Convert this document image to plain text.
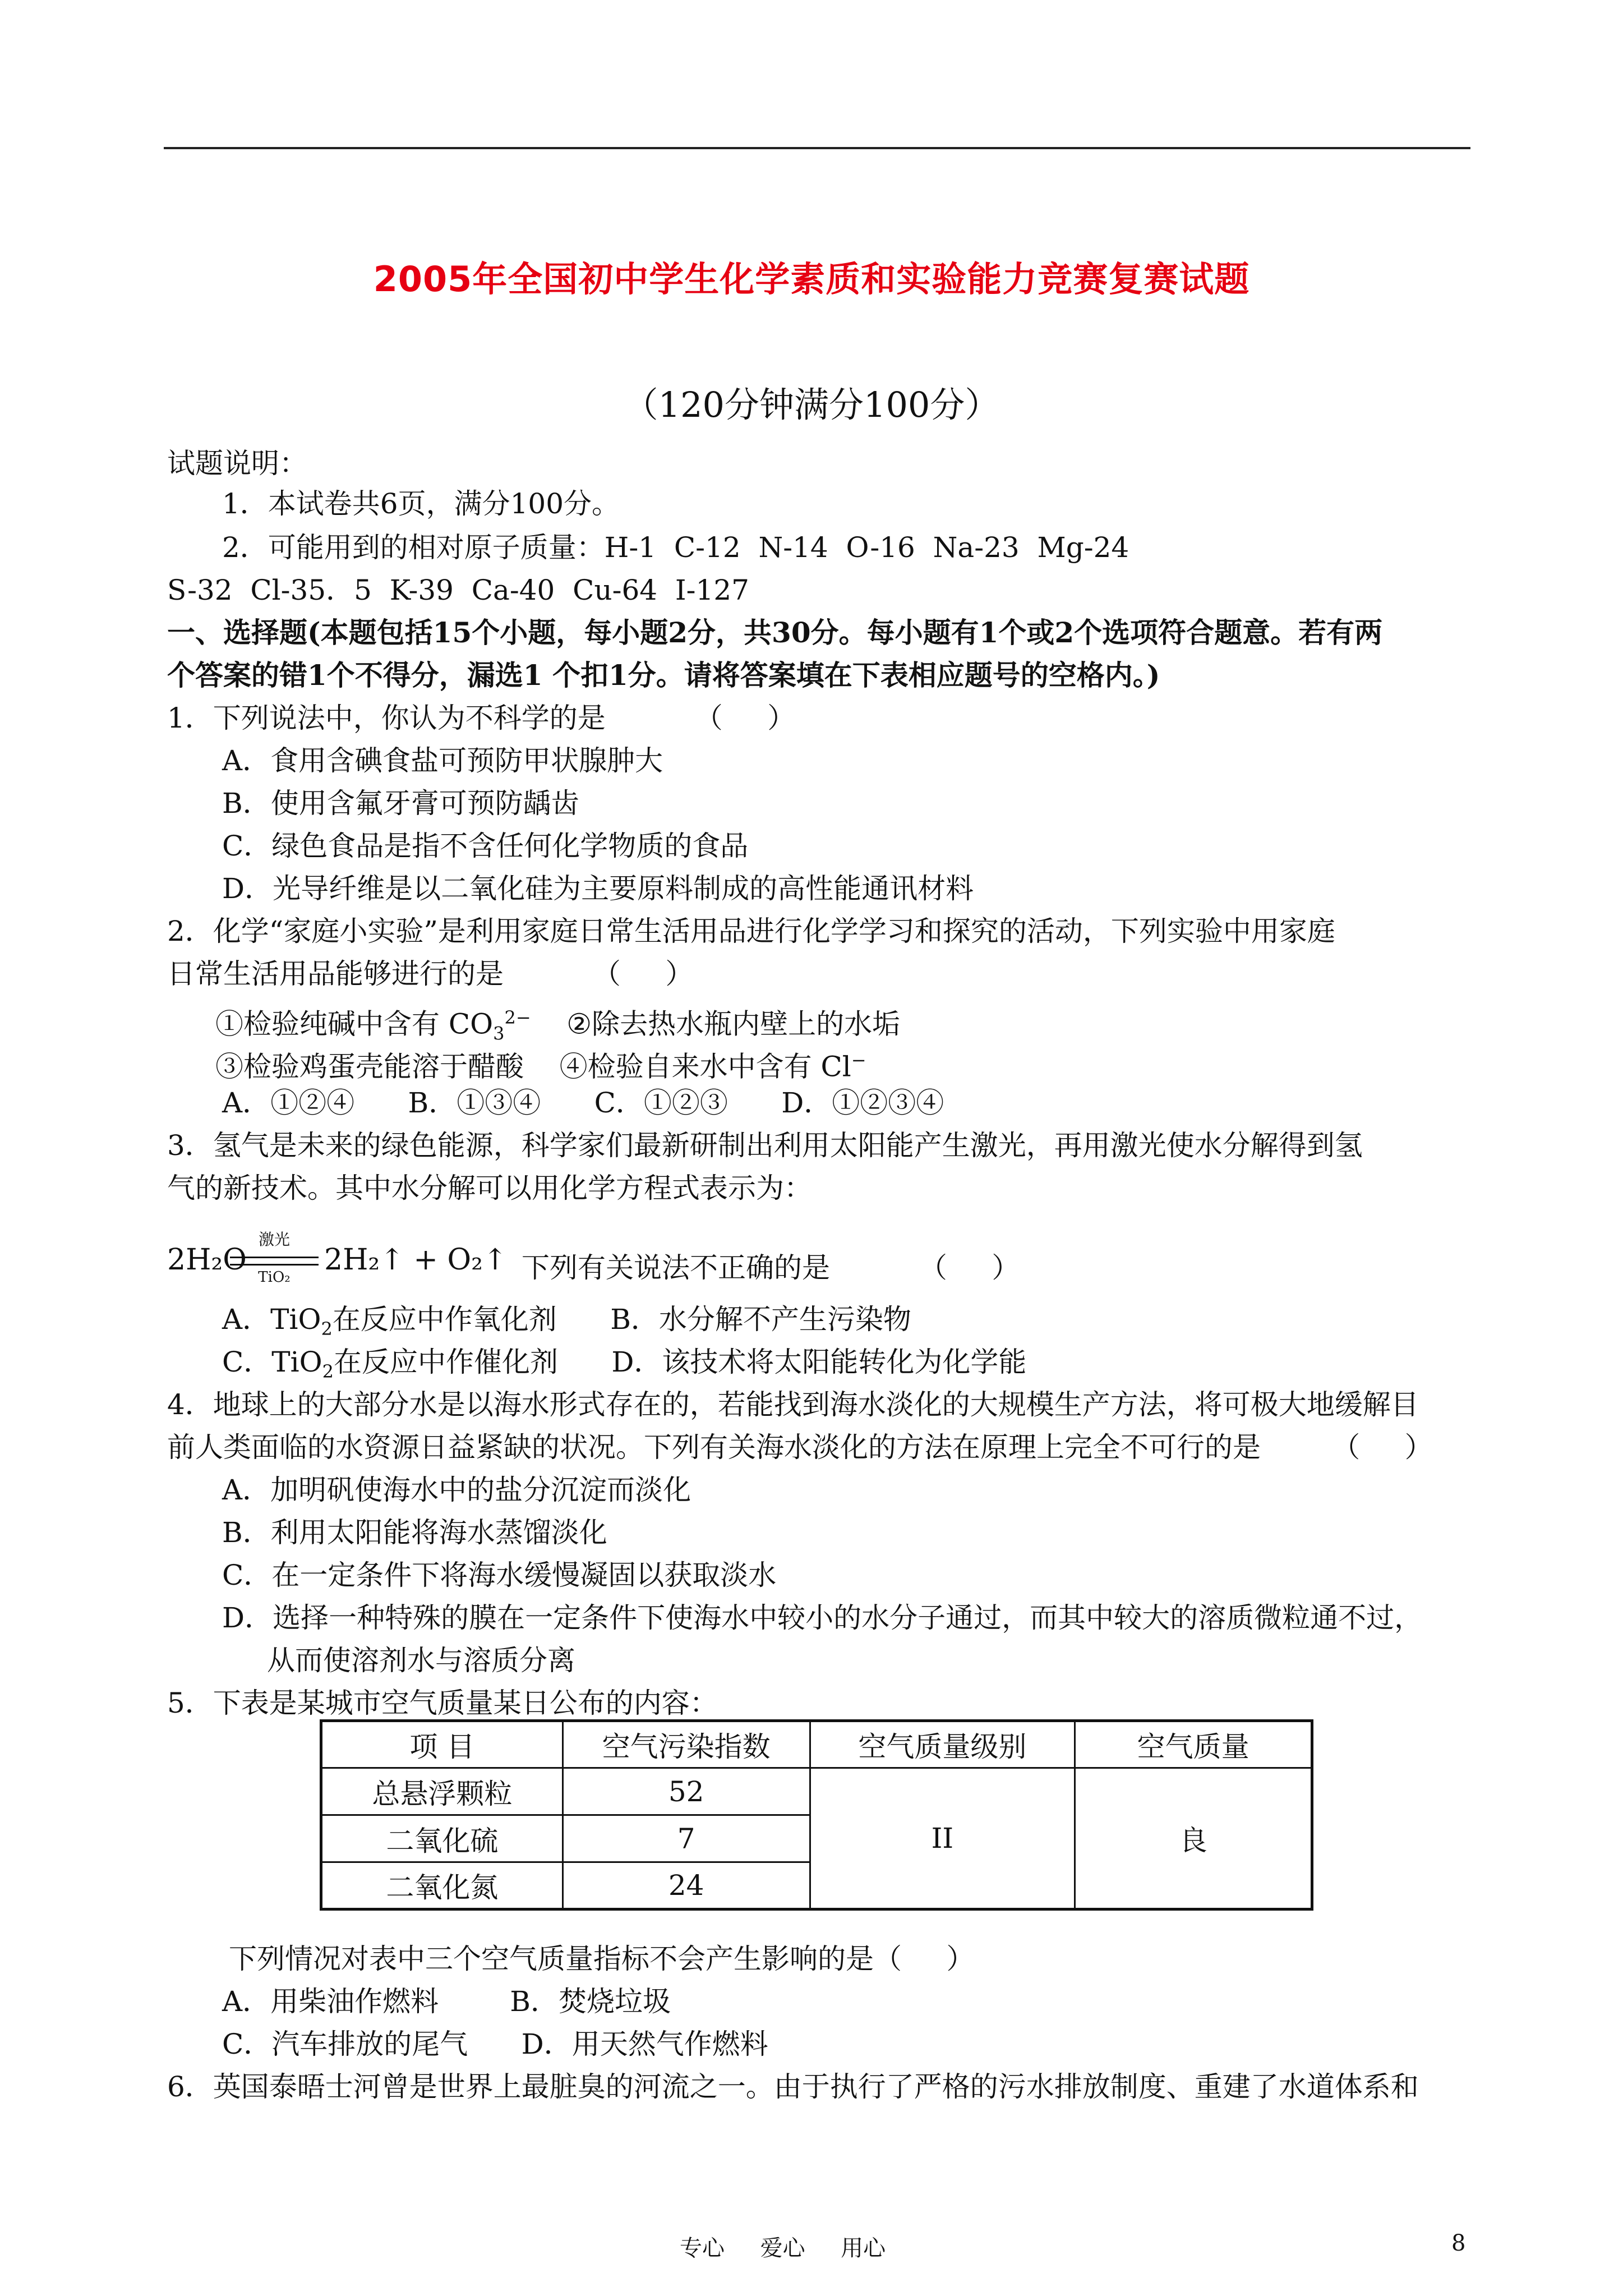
2005年全国初中学生化学素质和实验能力竞赛复赛试题
（120分钟满分100分）
试题说明：
1．本试卷共6页，满分100分。
2．可能用到的相对原子质量：H-1  C-12  N-14  O-16  Na-23  Mg-24
S-32  Cl-35．5  K-39  Ca-40  Cu-64  I-127
一、选择题(本题包括15个小题，每小题2分，共30分。每小题有1个或2个选项符合题意。若有两
个答案的错1个不得分，漏选1 个扣1分。请将答案填在下表相应题号的空格内。)
1．下列说法中，你认为不科学的是          （     ）
A．食用含碘食盐可预防甲状腺肿大
B．使用含氟牙膏可预防龋齿
C．绿色食品是指不含任何化学物质的食品
D．光导纤维是以二氧化硅为主要原料制成的高性能通讯材料
2．化学“家庭小实验”是利用家庭日常生活用品进行化学学习和探究的活动，下列实验中用家庭
日常生活用品能够进行的是          （     ）
①检验纯碱中含有 $CO_3^{2-}$    ②除去热水瓶内壁上的水垢
③检验鸡蛋壳能溶于醋酸    ④检验自来水中含有 Cl−
A．①②④      B．①③④      C．①②③      D．①②③④
3．氢气是未来的绿色能源，科学家们最新研制出利用太阳能产生激光，再用激光使水分解得到氢
气的新技术。其中水分解可以用化学方程式表示为：
2H₂O
激光
TiO₂
2H₂↑ + O₂↑ 下列有关说法不正确的是          （     ）
A．TiO$_2$在反应中作氧化剂 B．水分解不产生污染物
C．TiO$_2$在反应中作催化剂 D．该技术将太阳能转化为化学能
4．地球上的大部分水是以海水形式存在的，若能找到海水淡化的大规模生产方法，将可极大地缓解目
前人类面临的水资源日益紧缺的状况。下列有关海水淡化的方法在原理上完全不可行的是        （     ）
A．加明矾使海水中的盐分沉淀而淡化
B．利用太阳能将海水蒸馏淡化
C．在一定条件下将海水缓慢凝固以获取淡水
D．选择一种特殊的膜在一定条件下使海水中较小的水分子通过，而其中较大的溶质微粒通不过，
从而使溶剂水与溶质分离
5．下表是某城市空气质量某日公布的内容：
项 目	空气污染指数	空气质量级别	空气质量
总悬浮颗粒	52	II	良
二氧化硫	7		
二氧化氮	24		
下列情况对表中三个空气质量指标不会产生影响的是（     ）
A．用柴油作燃料        B．焚烧垃圾
C．汽车排放的尾气      D．用天然气作燃料
6．英国泰晤士河曾是世界上最脏臭的河流之一。由于执行了严格的污水排放制度、重建了水道体系和
专心     爱心     用心	8
